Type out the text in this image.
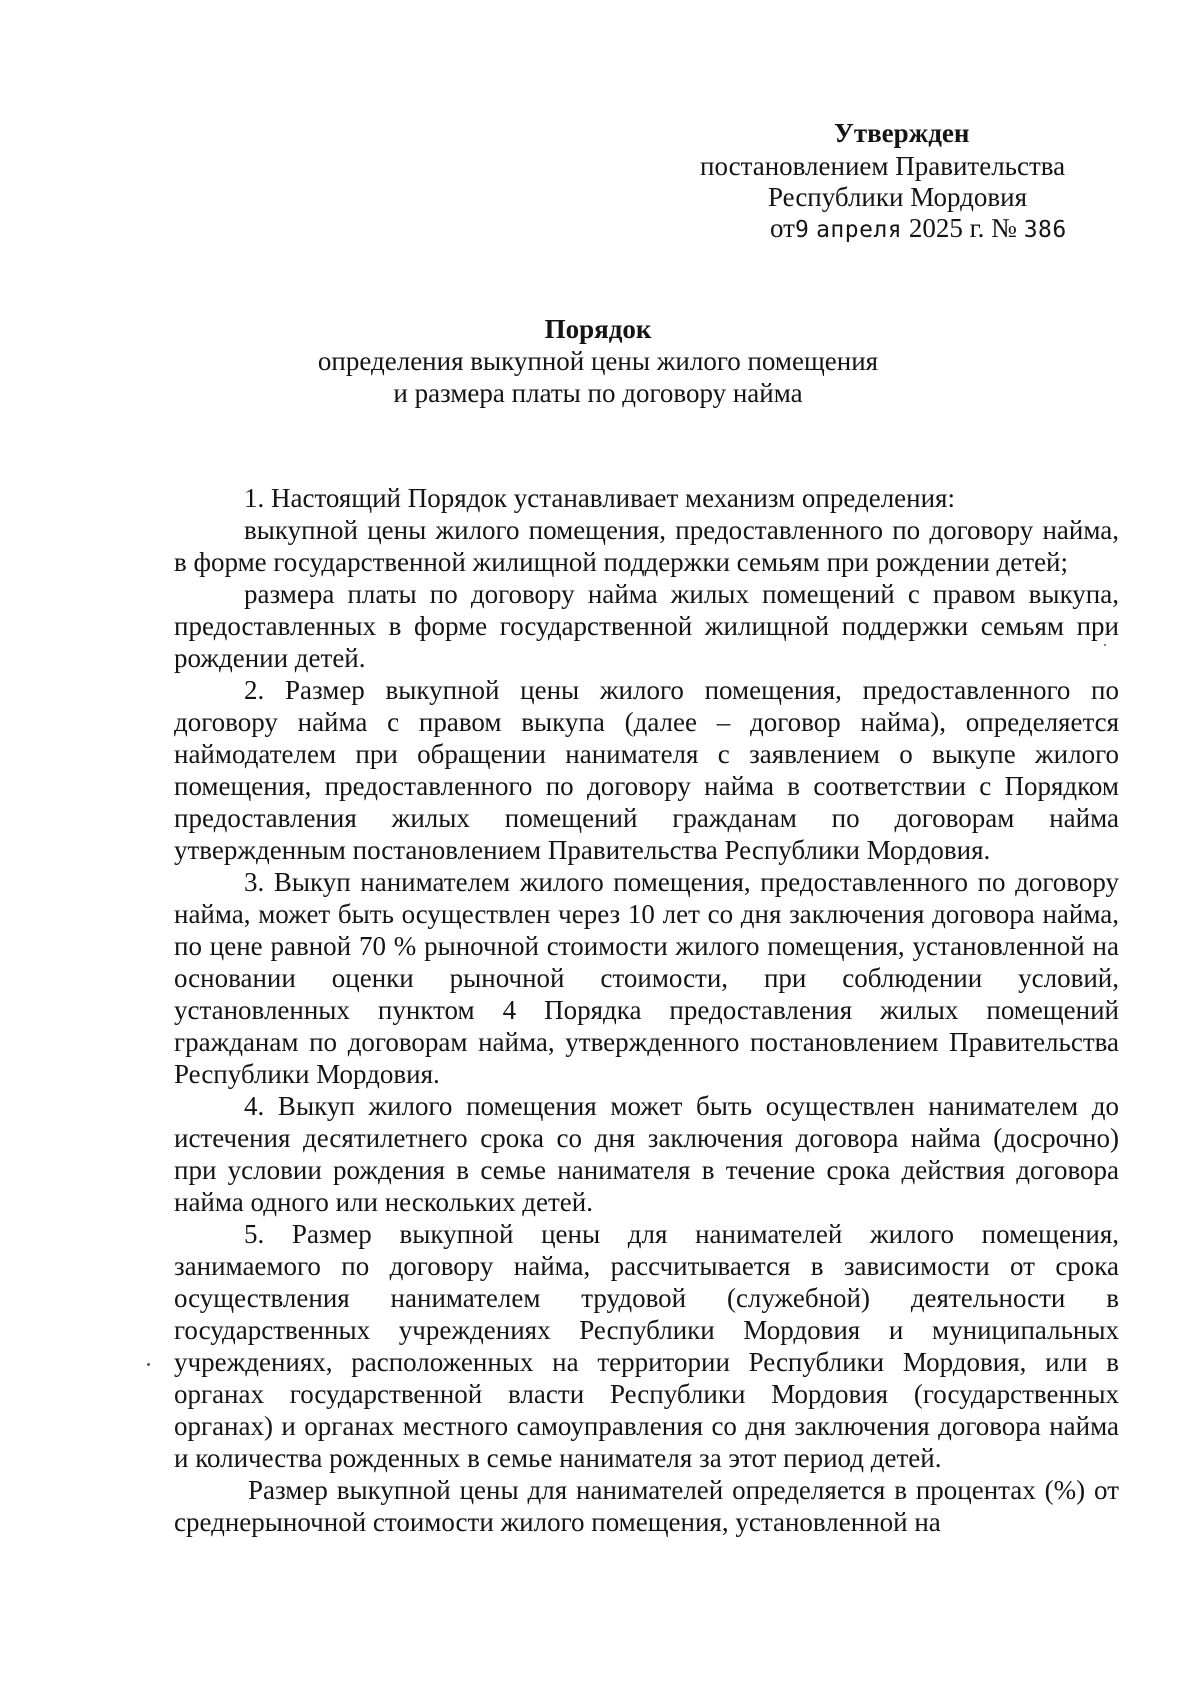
Утвержден
постановлением Правительства
Республики Мордовия
от9 апреля 2025 г. № 386
Порядок
определения выкупной цены жилого помещения
и размера платы по договору найма

1. Настоящий Порядок устанавливает механизм определения:

выкупной цены жилого помещения, предоставленного по договору найма, в форме государственной жилищной поддержки семьям при рождении детей;

размера платы по договору найма жилых помещений с правом выкупа, предоставленных в форме государственной жилищной поддержки семьям при рождении детей.

2. Размер выкупной цены жилого помещения, предоставленного по договору найма с правом выкупа (далее – договор найма), определяется наймодателем при обращении нанимателя с заявлением о выкупе жилого помещения, предоставленного по договору найма в соответствии с Порядком предоставления жилых помещений гражданам по договорам найма утвержденным постановлением Правительства Республики Мордовия.

3. Выкуп нанимателем жилого помещения, предоставленного по договору найма, может быть осуществлен через 10 лет со дня заключения договора найма, по цене равной 70 % рыночной стоимости жилого помещения, установленной на основании оценки рыночной стоимости, при соблюдении условий, установленных пунктом 4 Порядка предоставления жилых помещений гражданам по договорам найма, утвержденного постановлением Правительства Республики Мордовия.

4. Выкуп жилого помещения может быть осуществлен нанимателем до истечения десятилетнего срока со дня заключения договора найма (досрочно) при условии рождения в семье нанимателя в течение срока действия договора найма одного или нескольких детей.

5. Размер выкупной цены для нанимателей жилого помещения, занимаемого по договору найма, рассчитывается в зависимости от срока осуществления нанимателем трудовой (служебной) деятельности в государственных учреждениях Республики Мордовия и муниципальных учреждениях, расположенных на территории Республики Мордовия, или в органах государственной власти Республики Мордовия (государственных органах) и органах местного самоуправления со дня заключения договора найма и количества рожденных в семье нанимателя за этот период детей.

Размер выкупной цены для нанимателей определяется в процентах (%) от среднерыночной стоимости жилого помещения, установленной на
